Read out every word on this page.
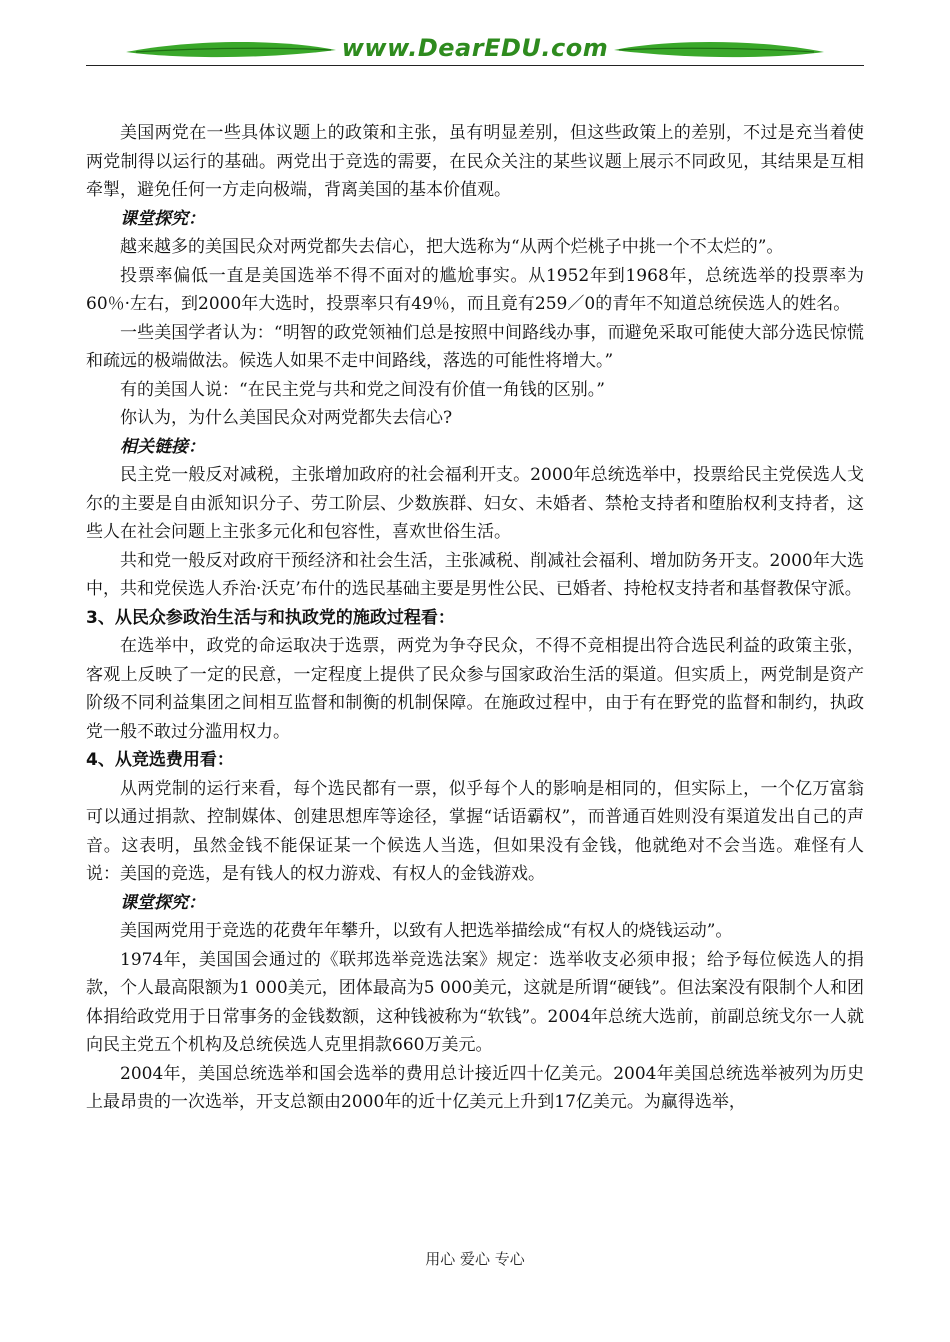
www.DearEDU.com

美国两党在一些具体议题上的政策和主张，虽有明显差别，但这些政策上的差别，不过是充当着使两党制得以运行的基础。两党出于竞选的需要，在民众关注的某些议题上展示不同政见，其结果是互相牵掣，避免任何一方走向极端，背离美国的基本价值观。

课堂探究：

越来越多的美国民众对两党都失去信心，把大选称为“从两个烂桃子中挑一个不太烂的”。

投票率偏低一直是美国选举不得不面对的尴尬事实。从1952年到1968年，总统选举的投票率为60％·左右，到2000年大选时，投票率只有49％，而且竟有259／0的青年不知道总统侯选人的姓名。

一些美国学者认为：“明智的政党领袖们总是按照中间路线办事，而避免采取可能使大部分选民惊慌和疏远的极端做法。候选人如果不走中间路线，落选的可能性将增大。”

有的美国人说：“在民主党与共和党之间没有价值一角钱的区别。”

你认为，为什么美国民众对两党都失去信心?

相关链接：

民主党一般反对减税，主张增加政府的社会福利开支。2000年总统选举中，投票给民主党侯选人戈尔的主要是自由派知识分子、劳工阶层、少数族群、妇女、未婚者、禁枪支持者和堕胎权利支持者，这些人在社会问题上主张多元化和包容性，喜欢世俗生活。

共和党一般反对政府干预经济和社会生活，主张减税、削减社会福利、增加防务开支。2000年大选中，共和党侯选人乔治·沃克’布什的选民基础主要是男性公民、已婚者、持枪权支持者和基督教保守派。

3、从民众参政治生活与和执政党的施政过程看：

在选举中，政党的命运取决于选票，两党为争夺民众，不得不竞相提出符合选民利益的政策主张，客观上反映了一定的民意，一定程度上提供了民众参与国家政治生活的渠道。但实质上，两党制是资产阶级不同利益集团之间相互监督和制衡的机制保障。在施政过程中，由于有在野党的监督和制约，执政党一般不敢过分滥用权力。

4、从竞选费用看：

从两党制的运行来看，每个选民都有一票，似乎每个人的影响是相同的，但实际上，一个亿万富翁可以通过捐款、控制媒体、创建思想库等途径，掌握“话语霸权”，而普通百姓则没有渠道发出自己的声音。这表明，虽然金钱不能保证某一个候选人当选，但如果没有金钱，他就绝对不会当选。难怪有人说：美国的竞选，是有钱人的权力游戏、有权人的金钱游戏。

课堂探究：

美国两党用于竞选的花费年年攀升，以致有人把选举描绘成“有权人的烧钱运动”。

1974年，美国国会通过的《联邦选举竞选法案》规定：选举收支必须申报；给予每位候选人的捐款，个人最高限额为1 000美元，团体最高为5 000美元，这就是所谓“硬钱”。但法案没有限制个人和团体捐给政党用于日常事务的金钱数额，这种钱被称为“软钱”。2004年总统大选前，前副总统戈尔一人就向民主党五个机构及总统侯选人克里捐款660万美元。

2004年，美国总统选举和国会选举的费用总计接近四十亿美元。2004年美国总统选举被列为历史上最昂贵的一次选举，开支总额由2000年的近十亿美元上升到17亿美元。为赢得选举，

用心 爱心 专心
